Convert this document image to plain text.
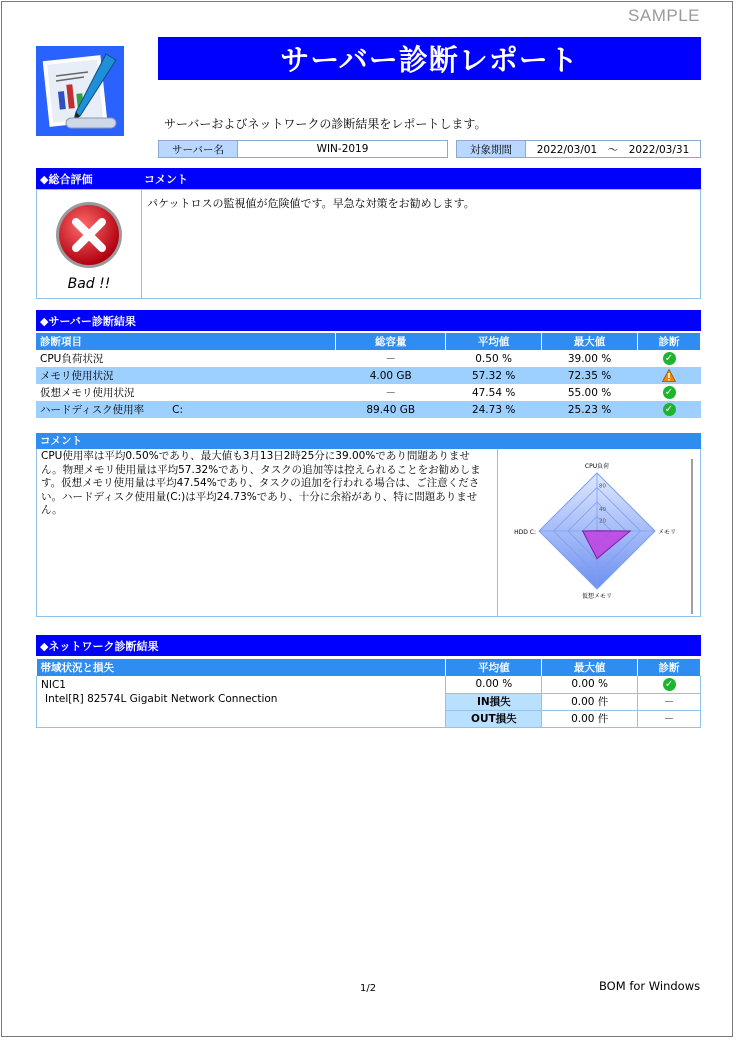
SAMPLE
サーバー診断レポート
サーバーおよびネットワークの診断結果をレポートします。
サーバー名	WIN-2019	対象期間	2022/03/01　～　2022/03/31
◆総合評価	コメント
Bad !!
パケットロスの監視値が危険値です。早急な対策をお勧めします。
◆サーバー診断結果
診断項目	総容量	平均値	最大値	診断
CPU負荷状況	－	0.50 %	39.00 %	✓
メモリ使用状況	4.00 GB	57.32 %	72.35 %	
仮想メモリ使用状況	－	47.54 %	55.00 %	✓
ハードディスク使用率 C:	89.40 GB	24.73 %	25.23 %	✓
コメント
CPU使用率は平均0.50%であり、最大値も3月13日2時25分に39.00%であり問題ありません。物理メモリ使用量は平均57.32%であり、タスクの追加等は控えられることをお勧めします。仮想メモリ使用量は平均47.54%であり、タスクの追加を行われる場合は、ご注意ください。ハードディスク使用量(C:)は平均24.73%であり、十分に余裕があり、特に問題ありません。
80
40
20
CPU負荷
メモリ
仮想メモリ
HDD C:
◆ネットワーク診断結果
帯域状況と損失	平均値	最大値	診断
NIC1	0.00 %	0.00 %	✓
Intel[R] 82574L Gigabit Network Connection	IN損失	0.00 件	－
	OUT損失	0.00 件	－
1/2	BOM for Windows
